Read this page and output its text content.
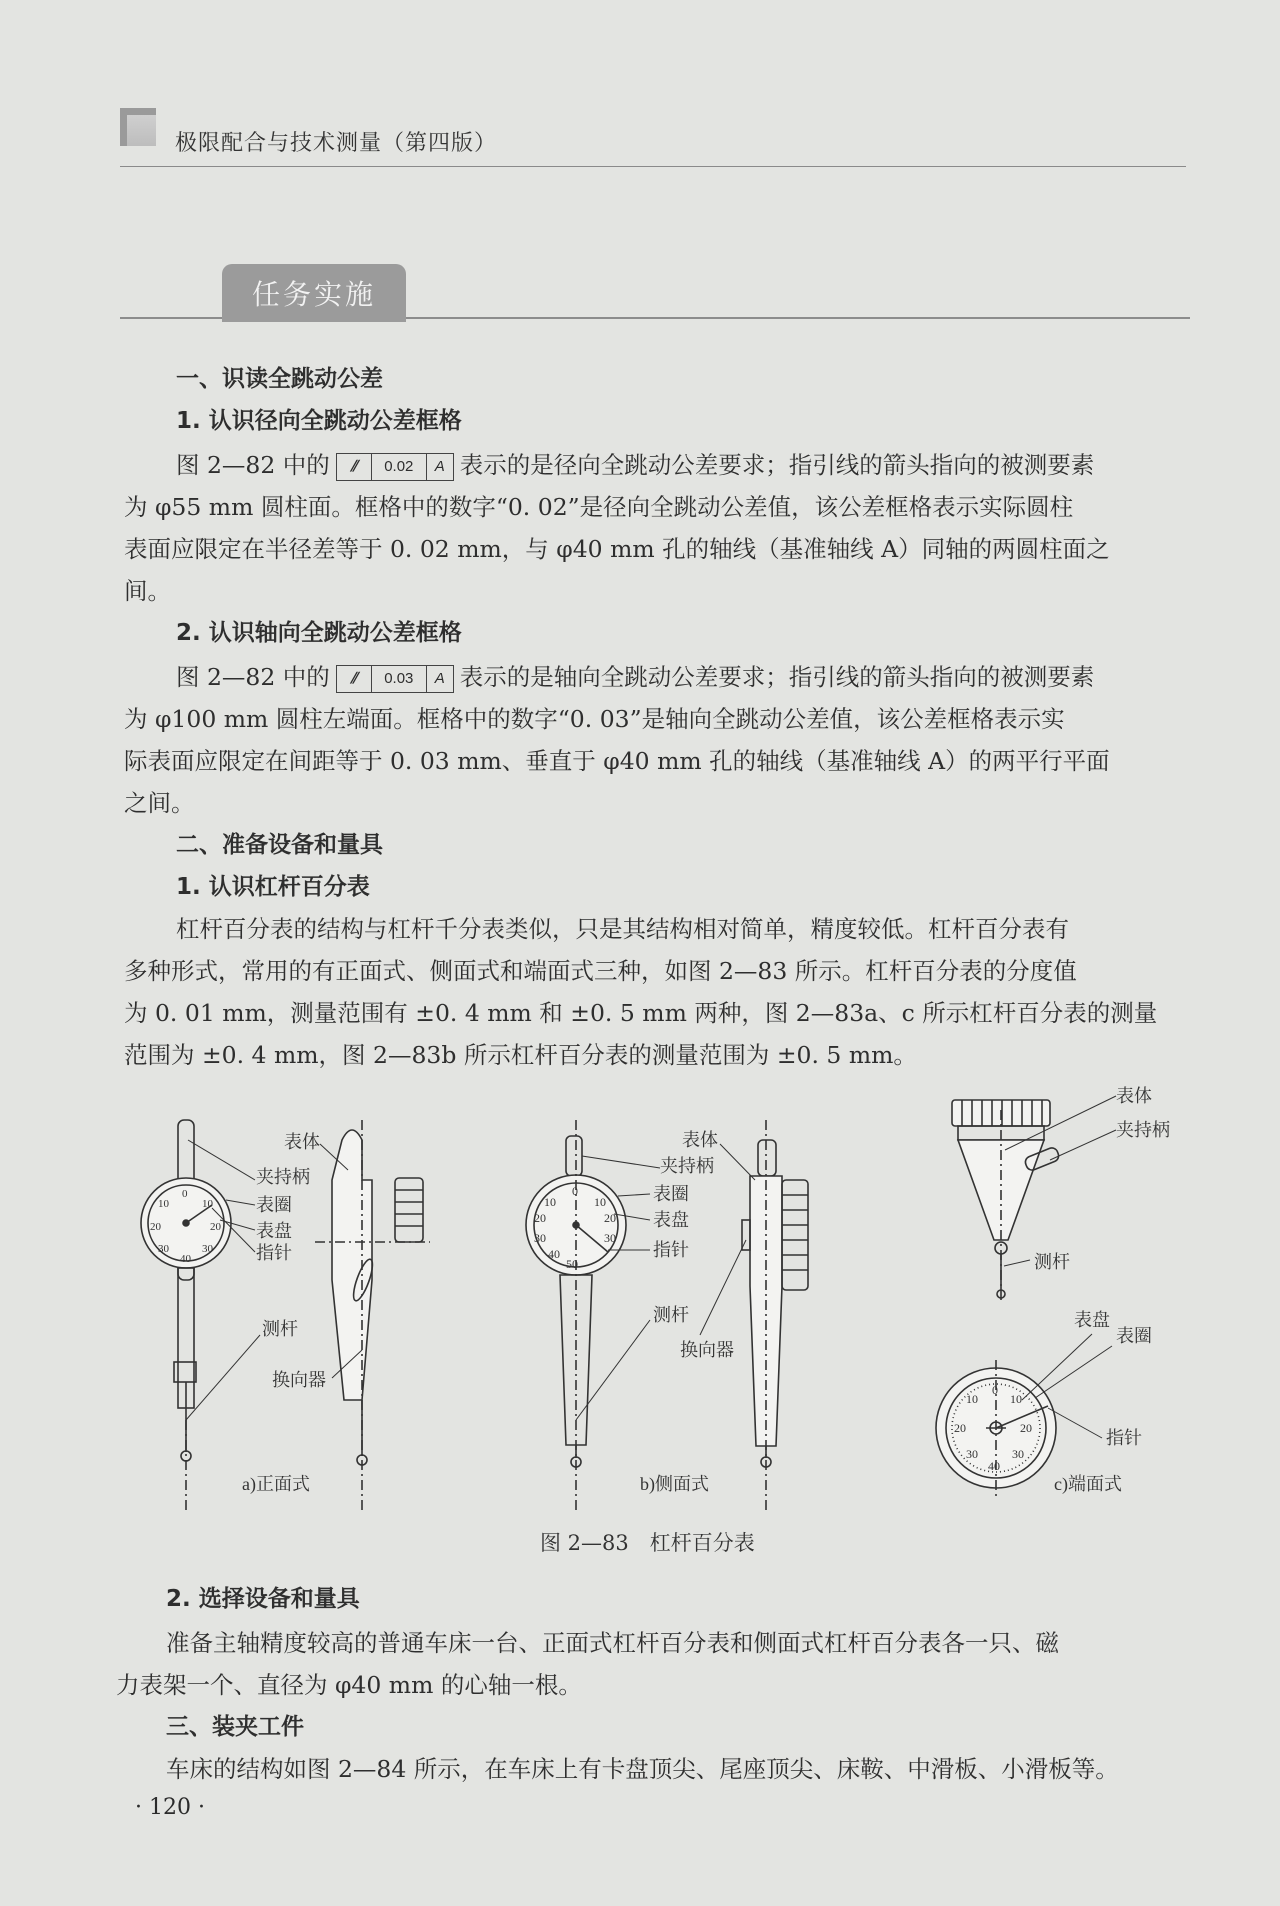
极限配合与技术测量（第四版）
任务实施
一、识读全跳动公差
1. 认识径向全跳动公差框格
图 2—82 中的	⫽	0.02	A 表示的是径向全跳动公差要求；指引线的箭头指向的被测要素
为 φ55 mm 圆柱面。框格中的数字“0. 02”是径向全跳动公差值，该公差框格表示实际圆柱
表面应限定在半径差等于 0. 02 mm，与 φ40 mm 孔的轴线（基准轴线 A）同轴的两圆柱面之
间。
2. 认识轴向全跳动公差框格
图 2—82 中的	⫽	0.03	A 表示的是轴向全跳动公差要求；指引线的箭头指向的被测要素
为 φ100 mm 圆柱左端面。框格中的数字“0. 03”是轴向全跳动公差值，该公差框格表示实
际表面应限定在间距等于 0. 03 mm、垂直于 φ40 mm 孔的轴线（基准轴线 A）的两平行平面
之间。
二、准备设备和量具
1. 认识杠杆百分表
杠杆百分表的结构与杠杆千分表类似，只是其结构相对简单，精度较低。杠杆百分表有
多种形式，常用的有正面式、侧面式和端面式三种，如图 2—83 所示。杠杆百分表的分度值
为 0. 01 mm，测量范围有 ±0. 4 mm 和 ±0. 5 mm 两种，图 2—83a、c 所示杠杆百分表的测量
范围为 ±0. 4 mm，图 2—83b 所示杠杆百分表的测量范围为 ±0. 5 mm。
0
10	10
20	20
30	30
40
表体
夹持柄
表圈
表盘
指针
测杆
换向器
a)正面式
0
10	10
20	20
30	30
40
50
表体
夹持柄
表圈
表盘
指针
测杆
换向器
b)侧面式
0
10	10
20	20
30	30
40
表体
夹持柄
测杆
表盘
表圈
指针
c)端面式
图 2—83　杠杆百分表
2. 选择设备和量具
准备主轴精度较高的普通车床一台、正面式杠杆百分表和侧面式杠杆百分表各一只、磁
力表架一个、直径为 φ40 mm 的心轴一根。
三、装夹工件
车床的结构如图 2—84 所示，在车床上有卡盘顶尖、尾座顶尖、床鞍、中滑板、小滑板等。
· 120 ·
